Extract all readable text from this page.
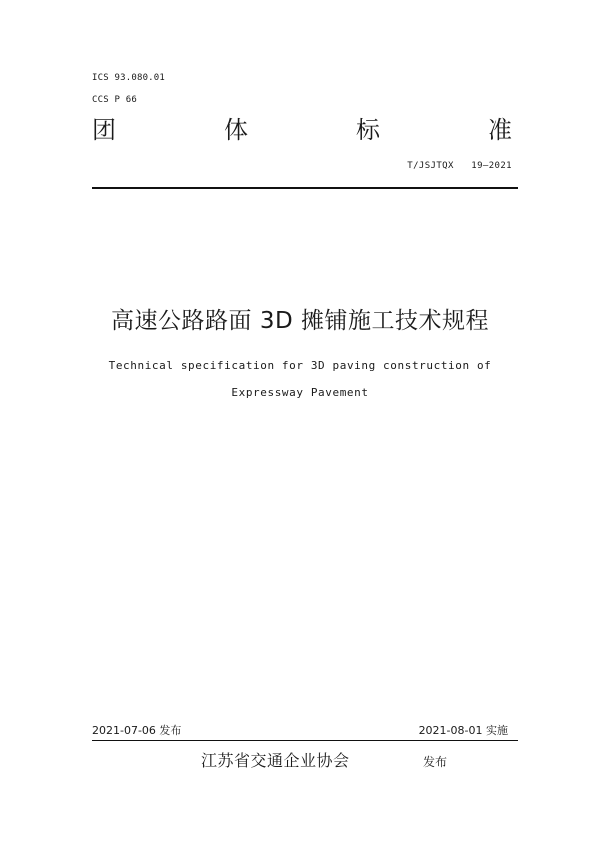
ICS 93.080.01
CCS P 66
团	体	标	准
T/JSJTQX   19—2021
高速公路路面 3D 摊铺施工技术规程
Technical specification for 3D paving construction of
Expressway Pavement
2021-07-06 发布	2021-08-01 实施
江苏省交通企业协会	发布
